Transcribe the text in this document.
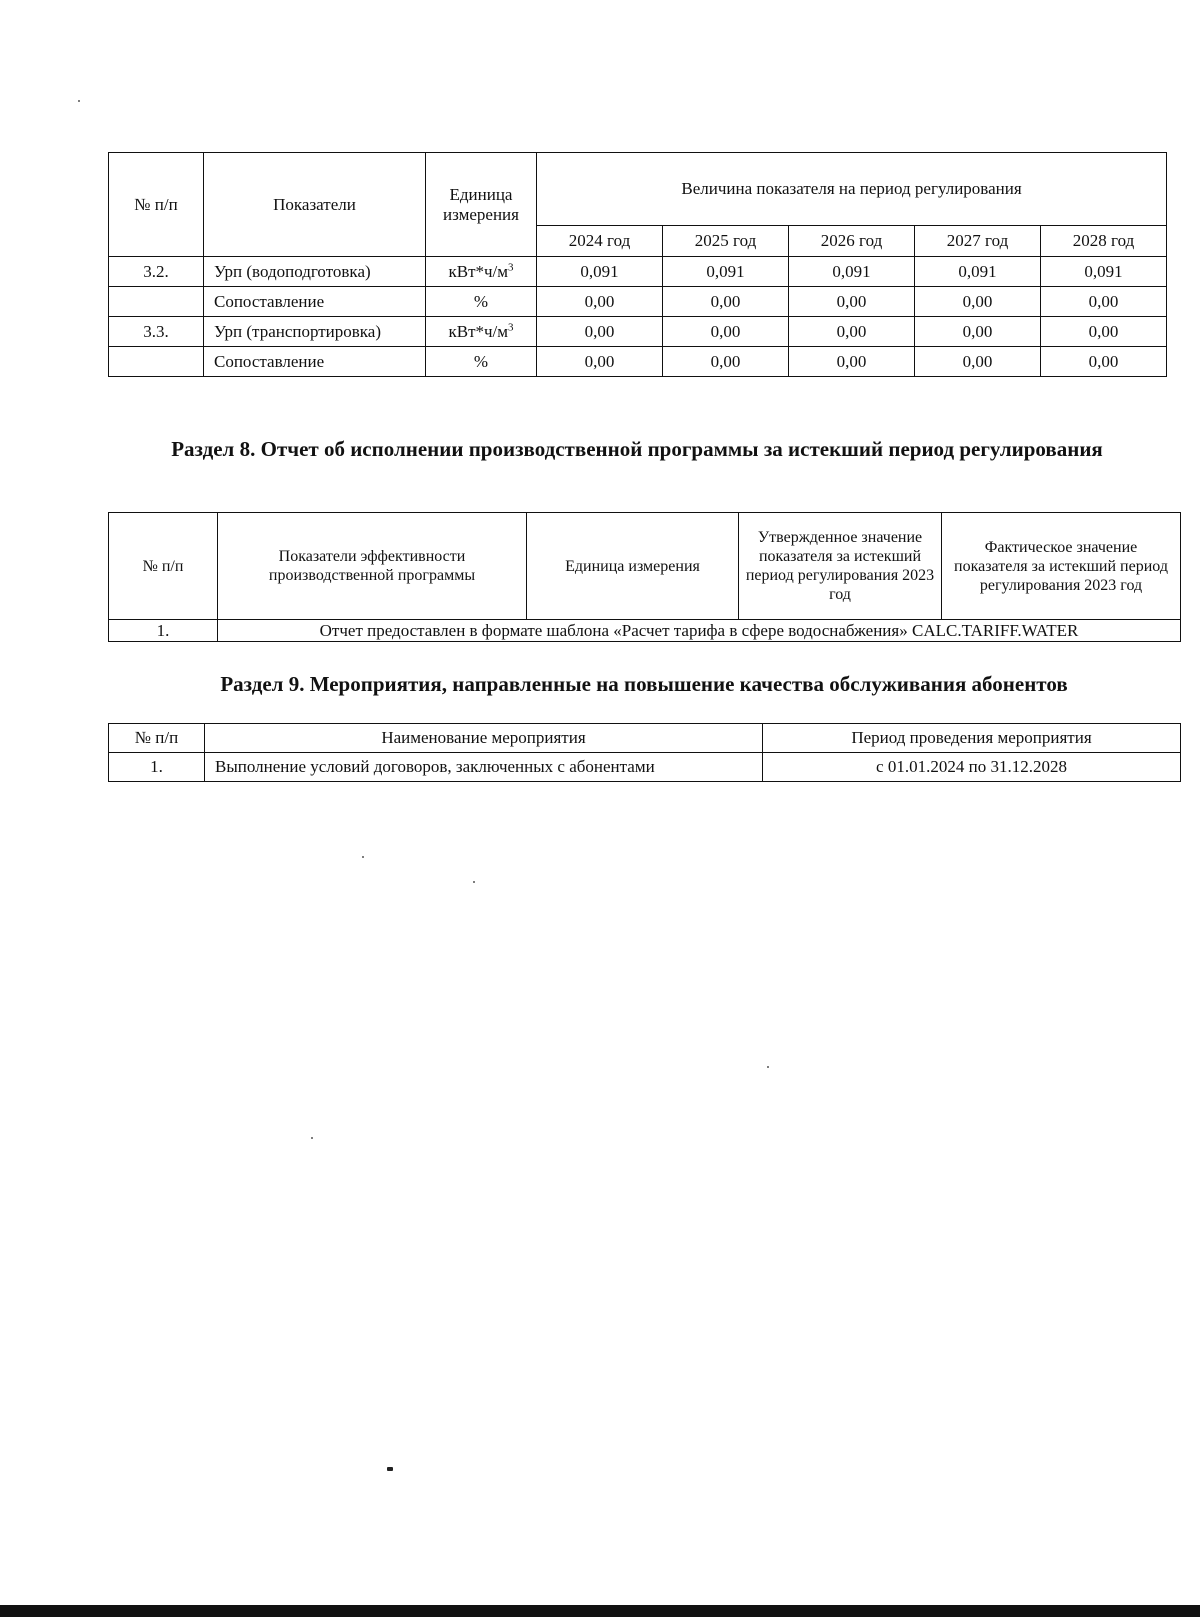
№ п/п	Показатели	Единица измерения	Величина показателя на период регулирования				
			2024 год	2025 год	2026 год	2027 год	2028 год
3.2.	Урп (водоподготовка)	$кВт*ч/м^3$	0,091	0,091	0,091	0,091	0,091
	Сопоставление	%	0,00	0,00	0,00	0,00	0,00
3.3.	Урп (транспортировка)	$кВт*ч/м^3$	0,00	0,00	0,00	0,00	0,00
	Сопоставление	%	0,00	0,00	0,00	0,00	0,00
Раздел 8. Отчет об исполнении производственной программы за истекший период регулирования
№ п/п	Показатели эффективности производственной программы	Единица измерения	Утвержденное значение показателя за истекший период регулирования 2023 год	Фактическое значение показателя за истекший период регулирования 2023 год
1.	Отчет предоставлен в формате шаблона «Расчет тарифа в сфере водоснабжения» CALC.TARIFF.WATER			
Раздел 9. Мероприятия, направленные на повышение качества обслуживания абонентов
№ п/п	Наименование мероприятия	Период проведения мероприятия
1.	Выполнение условий договоров, заключенных с абонентами	с 01.01.2024 по 31.12.2028
